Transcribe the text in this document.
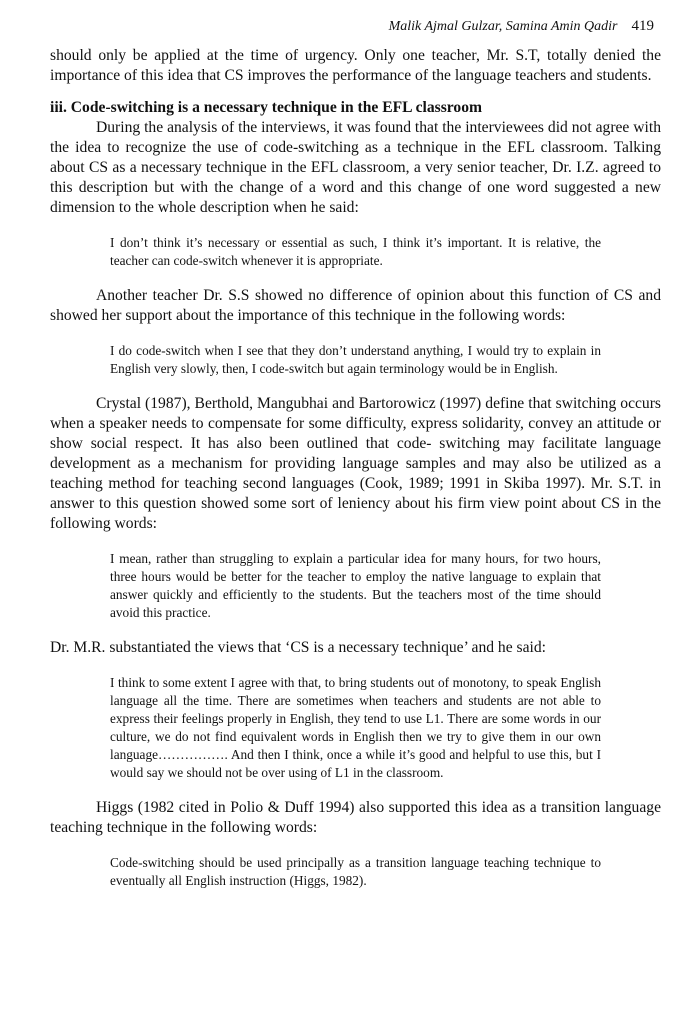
Malik Ajmal Gulzar, Samina Amin Qadir 419

should only be applied at the time of urgency. Only one teacher, Mr. S.T, totally denied the importance of this idea that CS improves the performance of the language teachers and students.

iii. Code-switching is a necessary technique in the EFL classroom

During the analysis of the interviews, it was found that the interviewees did not agree with the idea to recognize the use of code-switching as a technique in the EFL classroom. Talking about CS as a necessary technique in the EFL classroom, a very senior teacher, Dr. I.Z. agreed to this description but with the change of a word and this change of one word suggested a new dimension to the whole description when he said:

I don’t think it’s necessary or essential as such, I think it’s important. It is relative, the teacher can code-switch whenever it is appropriate.

Another teacher Dr. S.S showed no difference of opinion about this function of CS and showed her support about the importance of this technique in the following words:

I do code-switch when I see that they don’t understand anything, I would try to explain in English very slowly, then, I code-switch but again terminology would be in English.

Crystal (1987), Berthold, Mangubhai and Bartorowicz (1997) define that switching occurs when a speaker needs to compensate for some difficulty, express solidarity, convey an attitude or show social respect. It has also been outlined that code- switching may facilitate language development as a mechanism for providing language samples and may also be utilized as a teaching method for teaching second languages (Cook, 1989; 1991 in Skiba 1997). Mr. S.T. in answer to this question showed some sort of leniency about his firm view point about CS in the following words:

I mean, rather than struggling to explain a particular idea for many hours, for two hours, three hours would be better for the teacher to employ the native language to explain that answer quickly and efficiently to the students. But the teachers most of the time should avoid this practice.

Dr. M.R. substantiated the views that ‘CS is a necessary technique’ and he said:

I think to some extent I agree with that, to bring students out of monotony, to speak English language all the time. There are sometimes when teachers and students are not able to express their feelings properly in English, they tend to use L1. There are some words in our culture, we do not find equivalent words in English then we try to give them in our own language……………. And then I think, once a while it’s good and helpful to use this, but I would say we should not be over using of L1 in the classroom.

Higgs (1982 cited in Polio & Duff 1994) also supported this idea as a transition language teaching technique in the following words:

Code-switching should be used principally as a transition language teaching technique to eventually all English instruction (Higgs, 1982).
